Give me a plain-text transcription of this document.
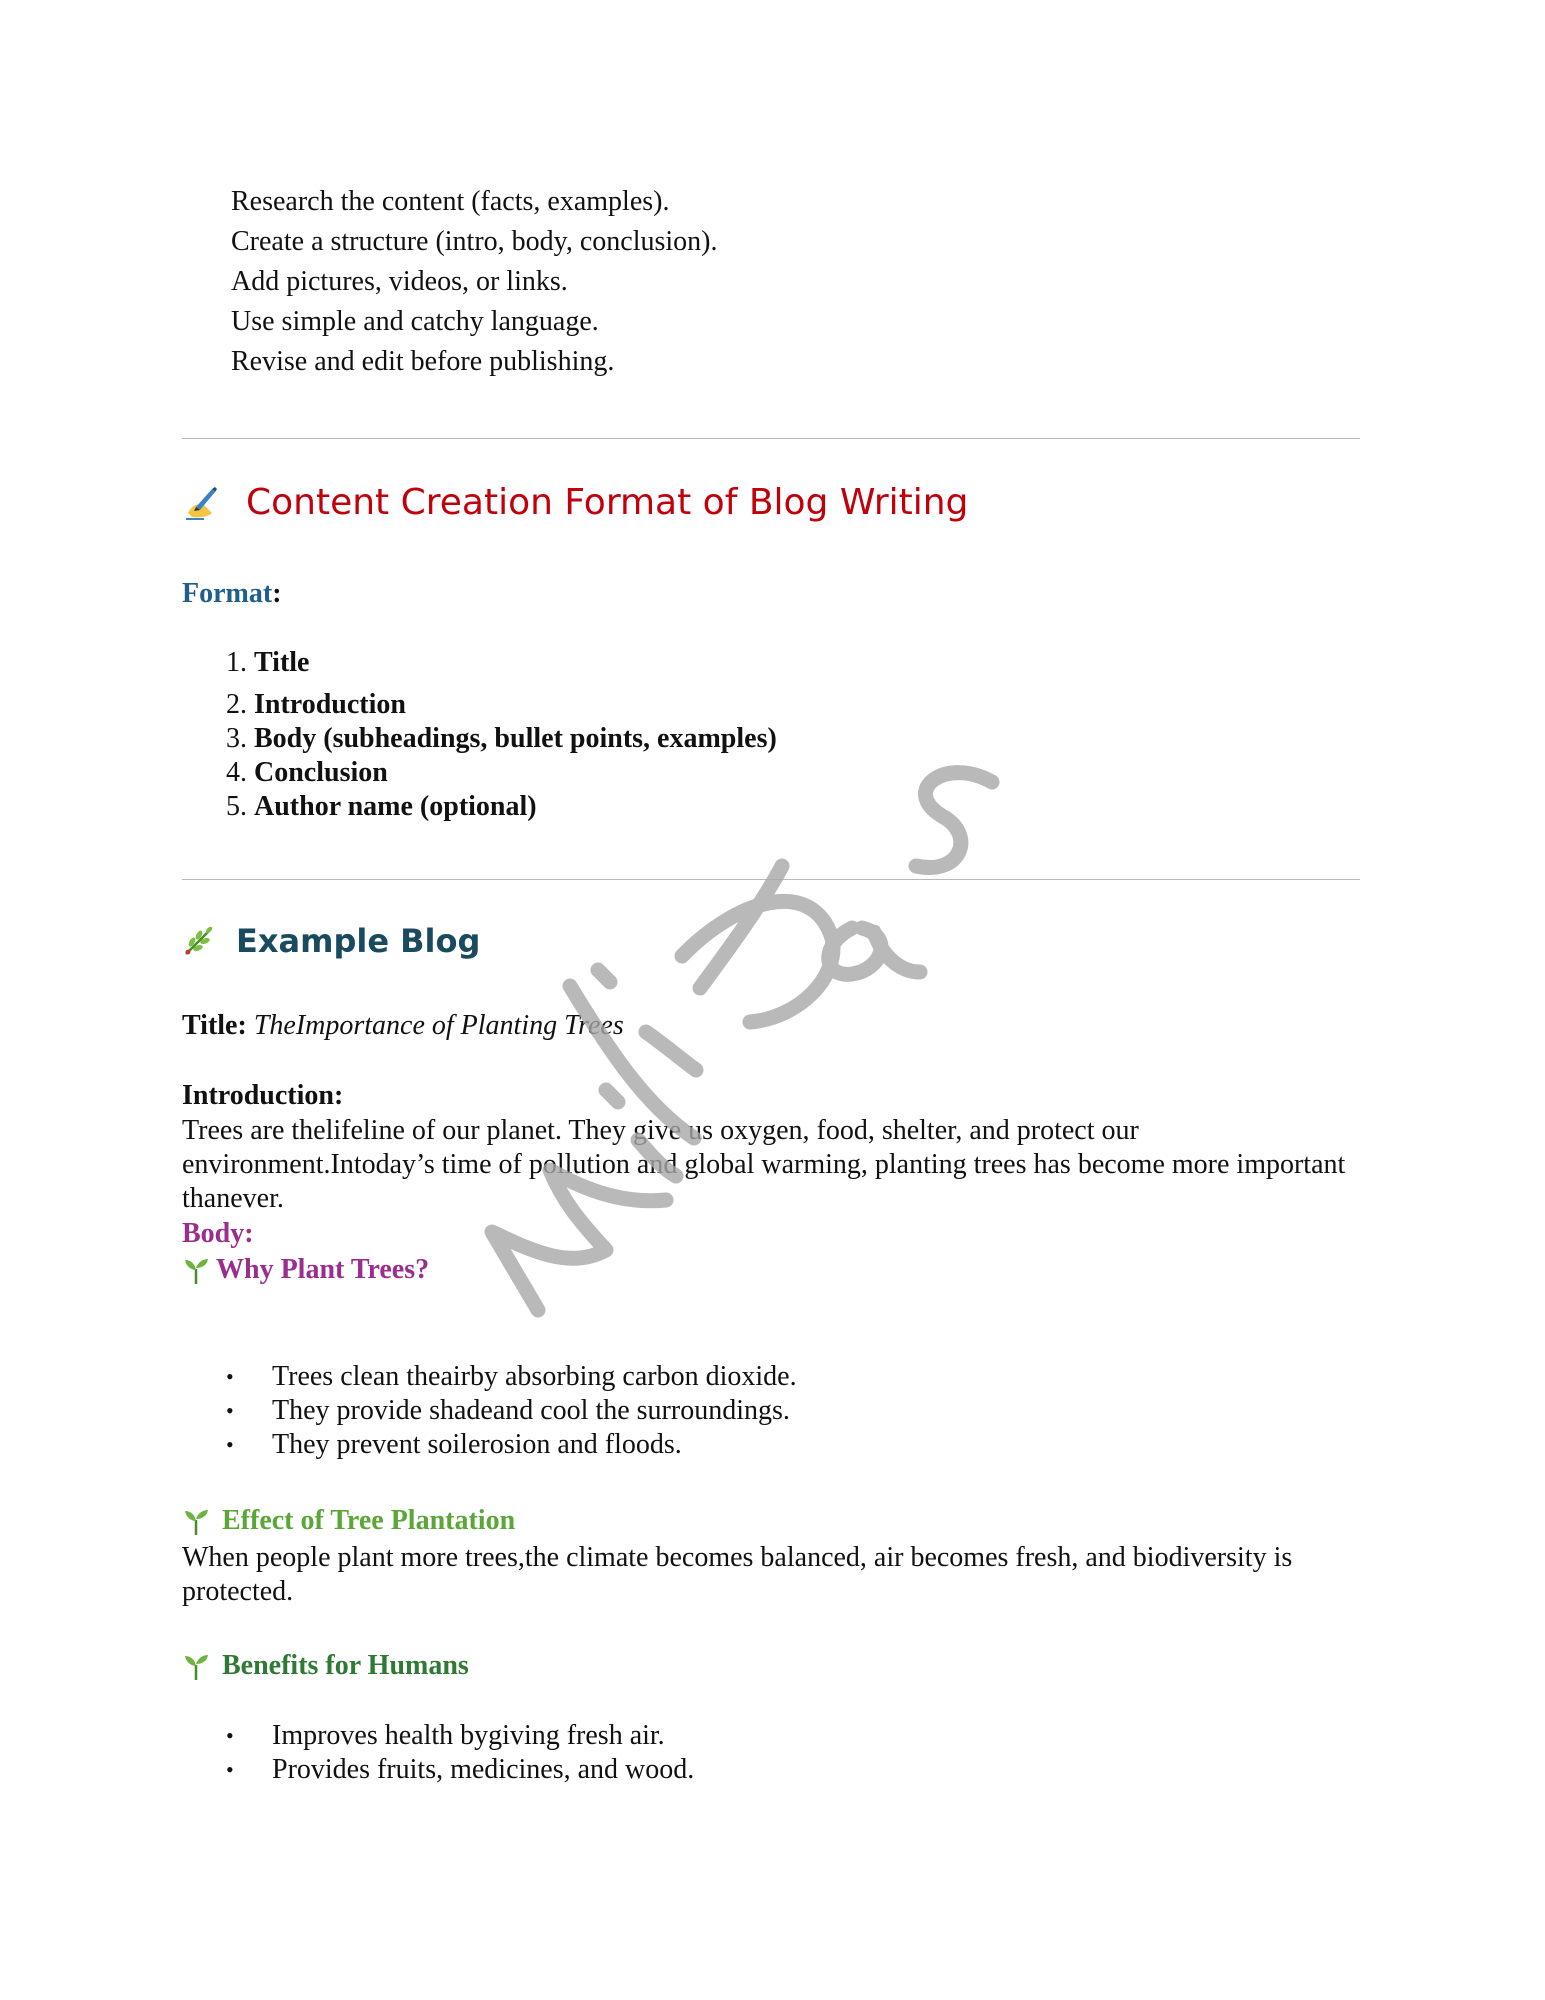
Research the content (facts, examples).
Create a structure (intro, body, conclusion).
Add pictures, videos, or links.
Use simple and catchy language.
Revise and edit before publishing.
Content Creation Format of Blog Writing
Format:
1. Title
2. Introduction
3. Body (subheadings, bullet points, examples)
4. Conclusion
5. Author name (optional)
Example Blog
Title: TheImportance of Planting Trees
Introduction:

Trees are thelifeline of our planet. They give us oxygen, food, shelter, and protect our environment.Intoday’s time of pollution and global warming, planting trees has become more important thanever.

Body:
Why Plant Trees?
• Trees clean theairby absorbing carbon dioxide.
• They provide shadeand cool the surroundings.
• They prevent soilerosion and floods.
Effect of Tree Plantation

When people plant more trees,the climate becomes balanced, air becomes fresh, and biodiversity is protected.

Benefits for Humans
• Improves health bygiving fresh air.
• Provides fruits, medicines, and wood.
